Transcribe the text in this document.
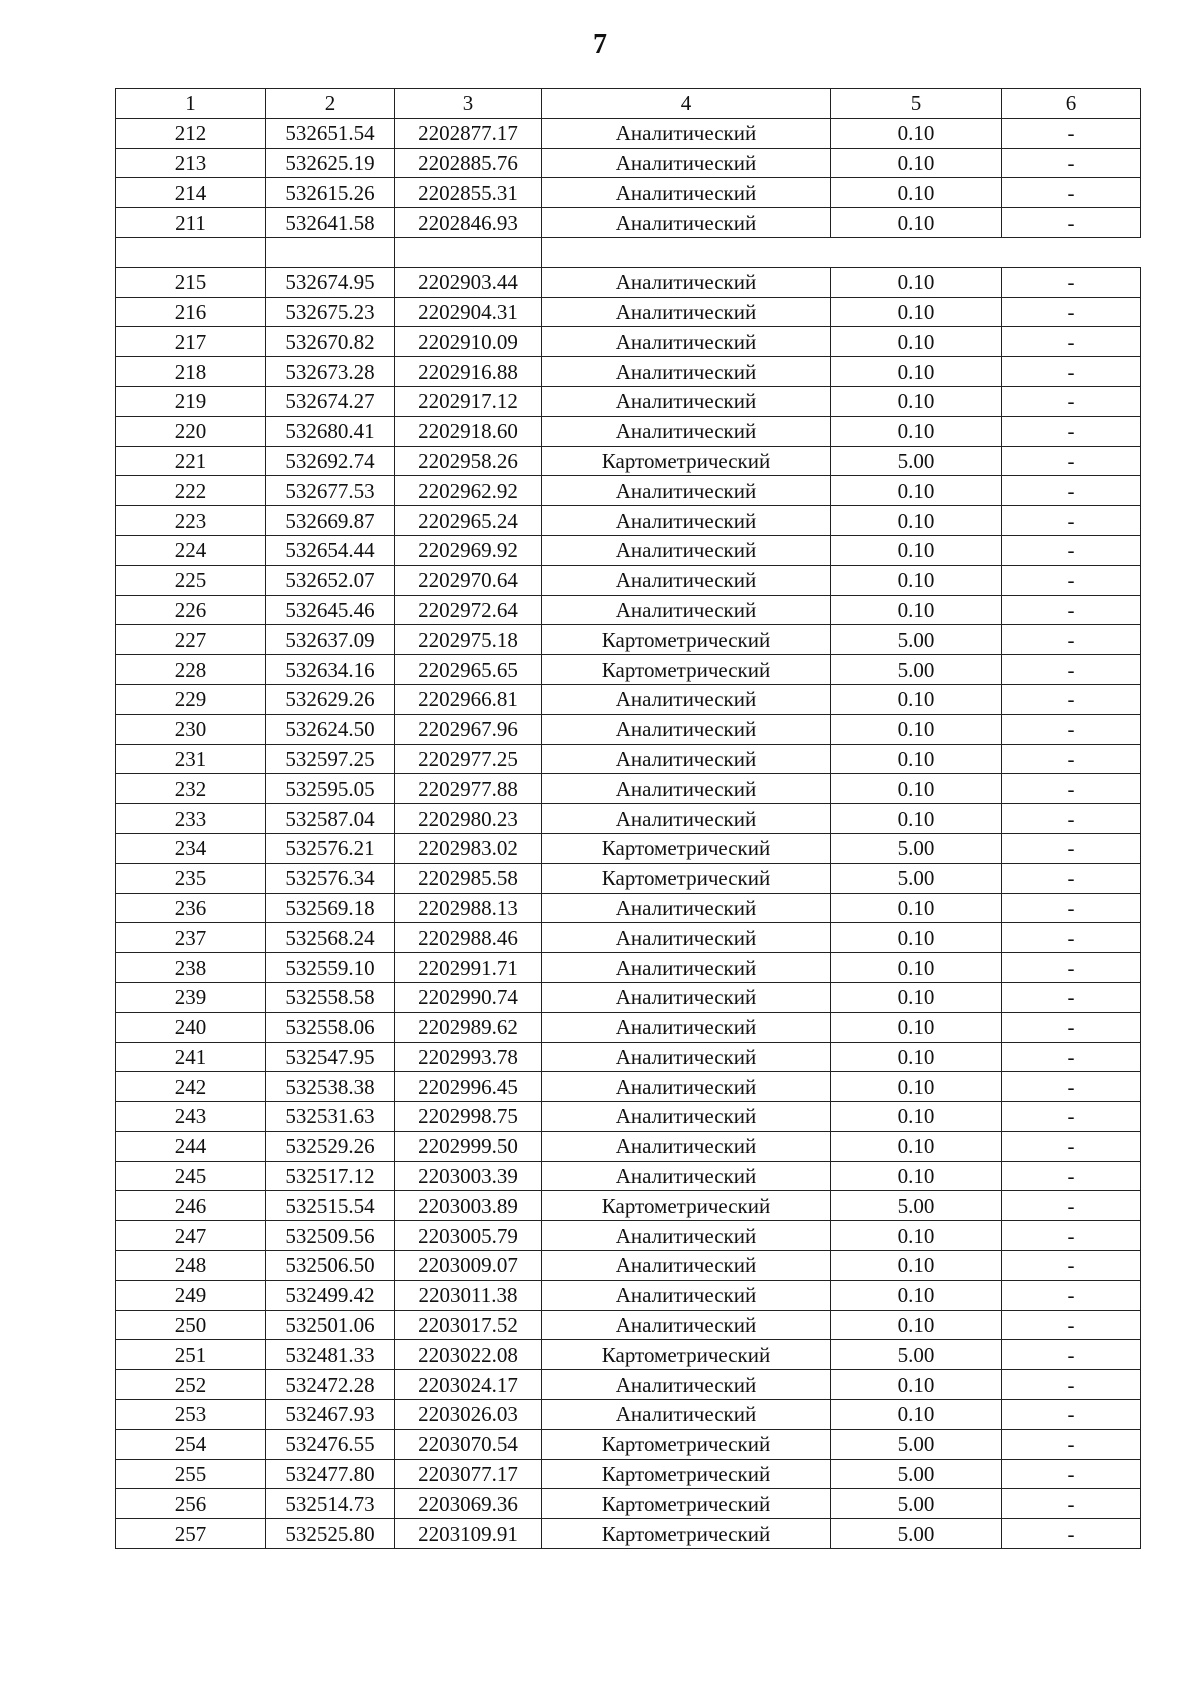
7
1	2	3	4	5	6
212	532651.54	2202877.17	Аналитический	0.10	-
213	532625.19	2202885.76	Аналитический	0.10	-
214	532615.26	2202855.31	Аналитический	0.10	-
211	532641.58	2202846.93	Аналитический	0.10	-

215	532674.95	2202903.44	Аналитический	0.10	-
216	532675.23	2202904.31	Аналитический	0.10	-
217	532670.82	2202910.09	Аналитический	0.10	-
218	532673.28	2202916.88	Аналитический	0.10	-
219	532674.27	2202917.12	Аналитический	0.10	-
220	532680.41	2202918.60	Аналитический	0.10	-
221	532692.74	2202958.26	Картометрический	5.00	-
222	532677.53	2202962.92	Аналитический	0.10	-
223	532669.87	2202965.24	Аналитический	0.10	-
224	532654.44	2202969.92	Аналитический	0.10	-
225	532652.07	2202970.64	Аналитический	0.10	-
226	532645.46	2202972.64	Аналитический	0.10	-
227	532637.09	2202975.18	Картометрический	5.00	-
228	532634.16	2202965.65	Картометрический	5.00	-
229	532629.26	2202966.81	Аналитический	0.10	-
230	532624.50	2202967.96	Аналитический	0.10	-
231	532597.25	2202977.25	Аналитический	0.10	-
232	532595.05	2202977.88	Аналитический	0.10	-
233	532587.04	2202980.23	Аналитический	0.10	-
234	532576.21	2202983.02	Картометрический	5.00	-
235	532576.34	2202985.58	Картометрический	5.00	-
236	532569.18	2202988.13	Аналитический	0.10	-
237	532568.24	2202988.46	Аналитический	0.10	-
238	532559.10	2202991.71	Аналитический	0.10	-
239	532558.58	2202990.74	Аналитический	0.10	-
240	532558.06	2202989.62	Аналитический	0.10	-
241	532547.95	2202993.78	Аналитический	0.10	-
242	532538.38	2202996.45	Аналитический	0.10	-
243	532531.63	2202998.75	Аналитический	0.10	-
244	532529.26	2202999.50	Аналитический	0.10	-
245	532517.12	2203003.39	Аналитический	0.10	-
246	532515.54	2203003.89	Картометрический	5.00	-
247	532509.56	2203005.79	Аналитический	0.10	-
248	532506.50	2203009.07	Аналитический	0.10	-
249	532499.42	2203011.38	Аналитический	0.10	-
250	532501.06	2203017.52	Аналитический	0.10	-
251	532481.33	2203022.08	Картометрический	5.00	-
252	532472.28	2203024.17	Аналитический	0.10	-
253	532467.93	2203026.03	Аналитический	0.10	-
254	532476.55	2203070.54	Картометрический	5.00	-
255	532477.80	2203077.17	Картометрический	5.00	-
256	532514.73	2203069.36	Картометрический	5.00	-
257	532525.80	2203109.91	Картометрический	5.00	-
